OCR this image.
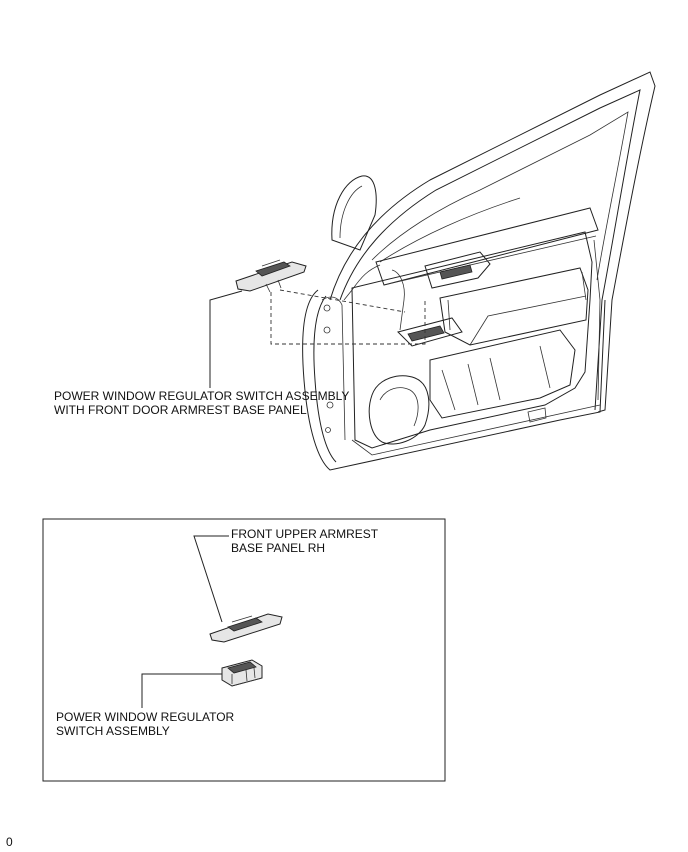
POWER WINDOW REGULATOR SWITCH ASSEMBLY
WITH FRONT DOOR ARMREST BASE PANEL
FRONT UPPER ARMREST
BASE PANEL RH
POWER WINDOW REGULATOR
SWITCH ASSEMBLY
0
